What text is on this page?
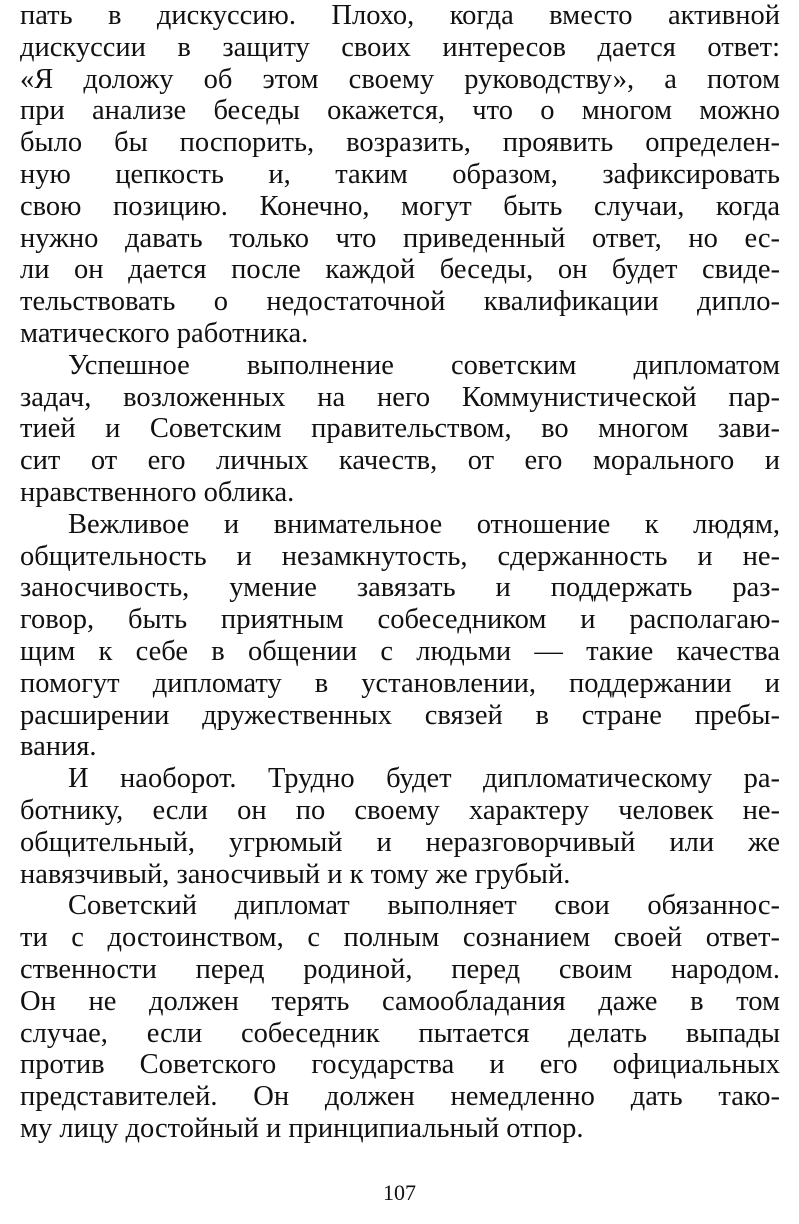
пать в дискуссию. Плохо, когда вместо активной
дискуссии в защиту своих интересов дается ответ:
«Я доложу об этом своему руководству», а потом
при анализе беседы окажется, что о многом можно
было бы поспорить, возразить, проявить определен-
ную цепкость и, таким образом, зафиксировать
свою позицию. Конечно, могут быть случаи, когда
нужно давать только что приведенный ответ, но ес-
ли он дается после каждой беседы, он будет свиде-
тельствовать о недостаточной квалификации дипло-
матического работника.
Успешное выполнение советским дипломатом
задач, возложенных на него Коммунистической пар-
тией и Советским правительством, во многом зави-
сит от его личных качеств, от его морального и
нравственного облика.
Вежливое и внимательное отношение к людям,
общительность и незамкнутость, сдержанность и не-
заносчивость, умение завязать и поддержать раз-
говор, быть приятным собеседником и располагаю-
щим к себе в общении с людьми — такие качества
помогут дипломату в установлении, поддержании и
расширении дружественных связей в стране пребы-
вания.
И наоборот. Трудно будет дипломатическому ра-
ботнику, если он по своему характеру человек не-
общительный, угрюмый и неразговорчивый или же
навязчивый, заносчивый и к тому же грубый.
Советский дипломат выполняет свои обязаннос-
ти с достоинством, с полным сознанием своей ответ-
ственности перед родиной, перед своим народом.
Он не должен терять самообладания даже в том
случае, если собеседник пытается делать выпады
против Советского государства и его официальных
представителей. Он должен немедленно дать тако-
му лицу достойный и принципиальный отпор.
107
